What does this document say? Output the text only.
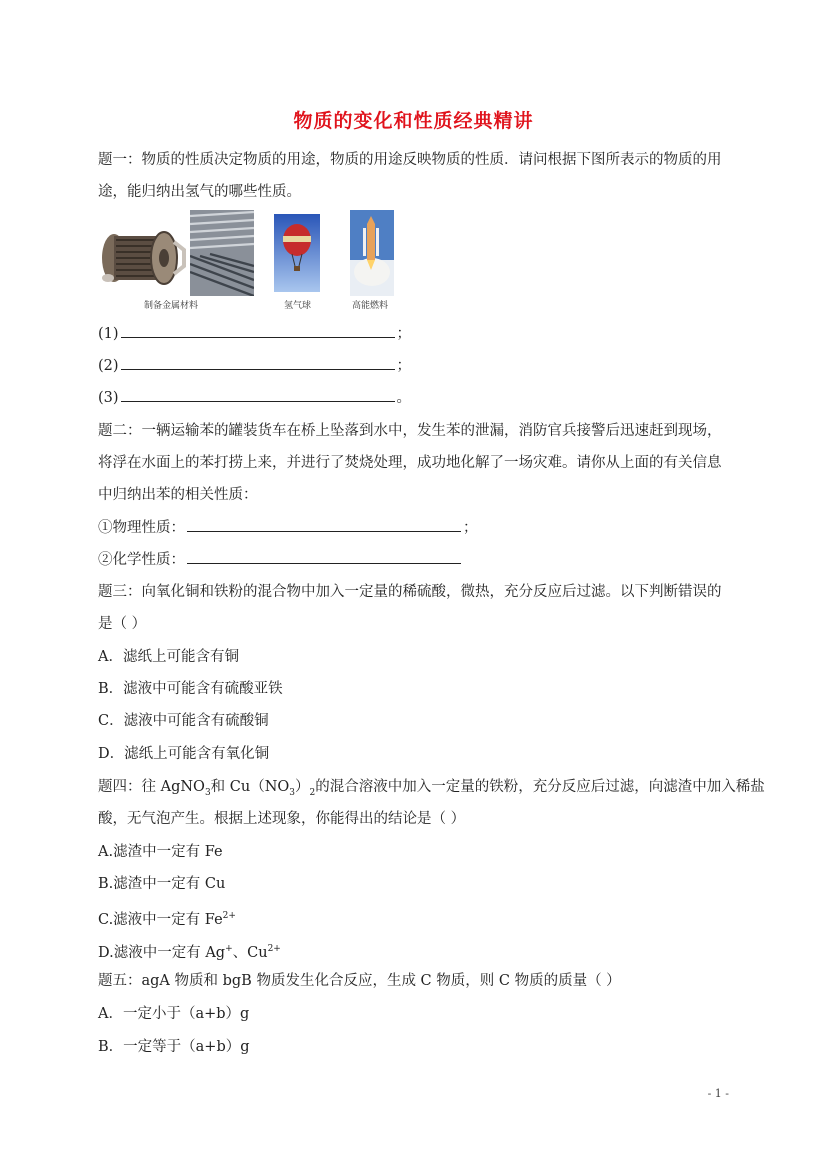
物质的变化和性质经典精讲
题一：物质的性质决定物质的用途，物质的用途反映物质的性质．请问根据下图所表示的物质的用
途，能归纳出氢气的哪些性质。
制备金属材料	氢气球	高能燃料
(1)	；
(2)	；
(3)	。
题二：一辆运输苯的罐装货车在桥上坠落到水中，发生苯的泄漏，消防官兵接警后迅速赶到现场，
将浮在水面上的苯打捞上来，并进行了焚烧处理，成功地化解了一场灾难。请你从上面的有关信息
中归纳出苯的相关性质：
①物理性质：	；
②化学性质：
题三：向氧化铜和铁粉的混合物中加入一定量的稀硫酸，微热，充分反应后过滤。以下判断错误的
是（ ）
A．滤纸上可能含有铜
B．滤液中可能含有硫酸亚铁
C．滤液中可能含有硫酸铜
D．滤纸上可能含有氧化铜
题四：往 AgNO$_3$和 $Cu(NO_3)_2$的混合溶液中加入一定量的铁粉，充分反应后过滤，向滤渣中加入稀盐
酸，无气泡产生。根据上述现象，你能得出的结论是（ ）
A.滤渣中一定有 Fe
B.滤渣中一定有 Cu
C.滤液中一定有 $Fe^{2+}$
D.滤液中一定有 Ag+、$Cu^{2+}$
题五：agA 物质和 bgB 物质发生化合反应，生成 C 物质，则 C 物质的质量（ ）
A．一定小于（a+b）g
B．一定等于（a+b）g
- 1 -
